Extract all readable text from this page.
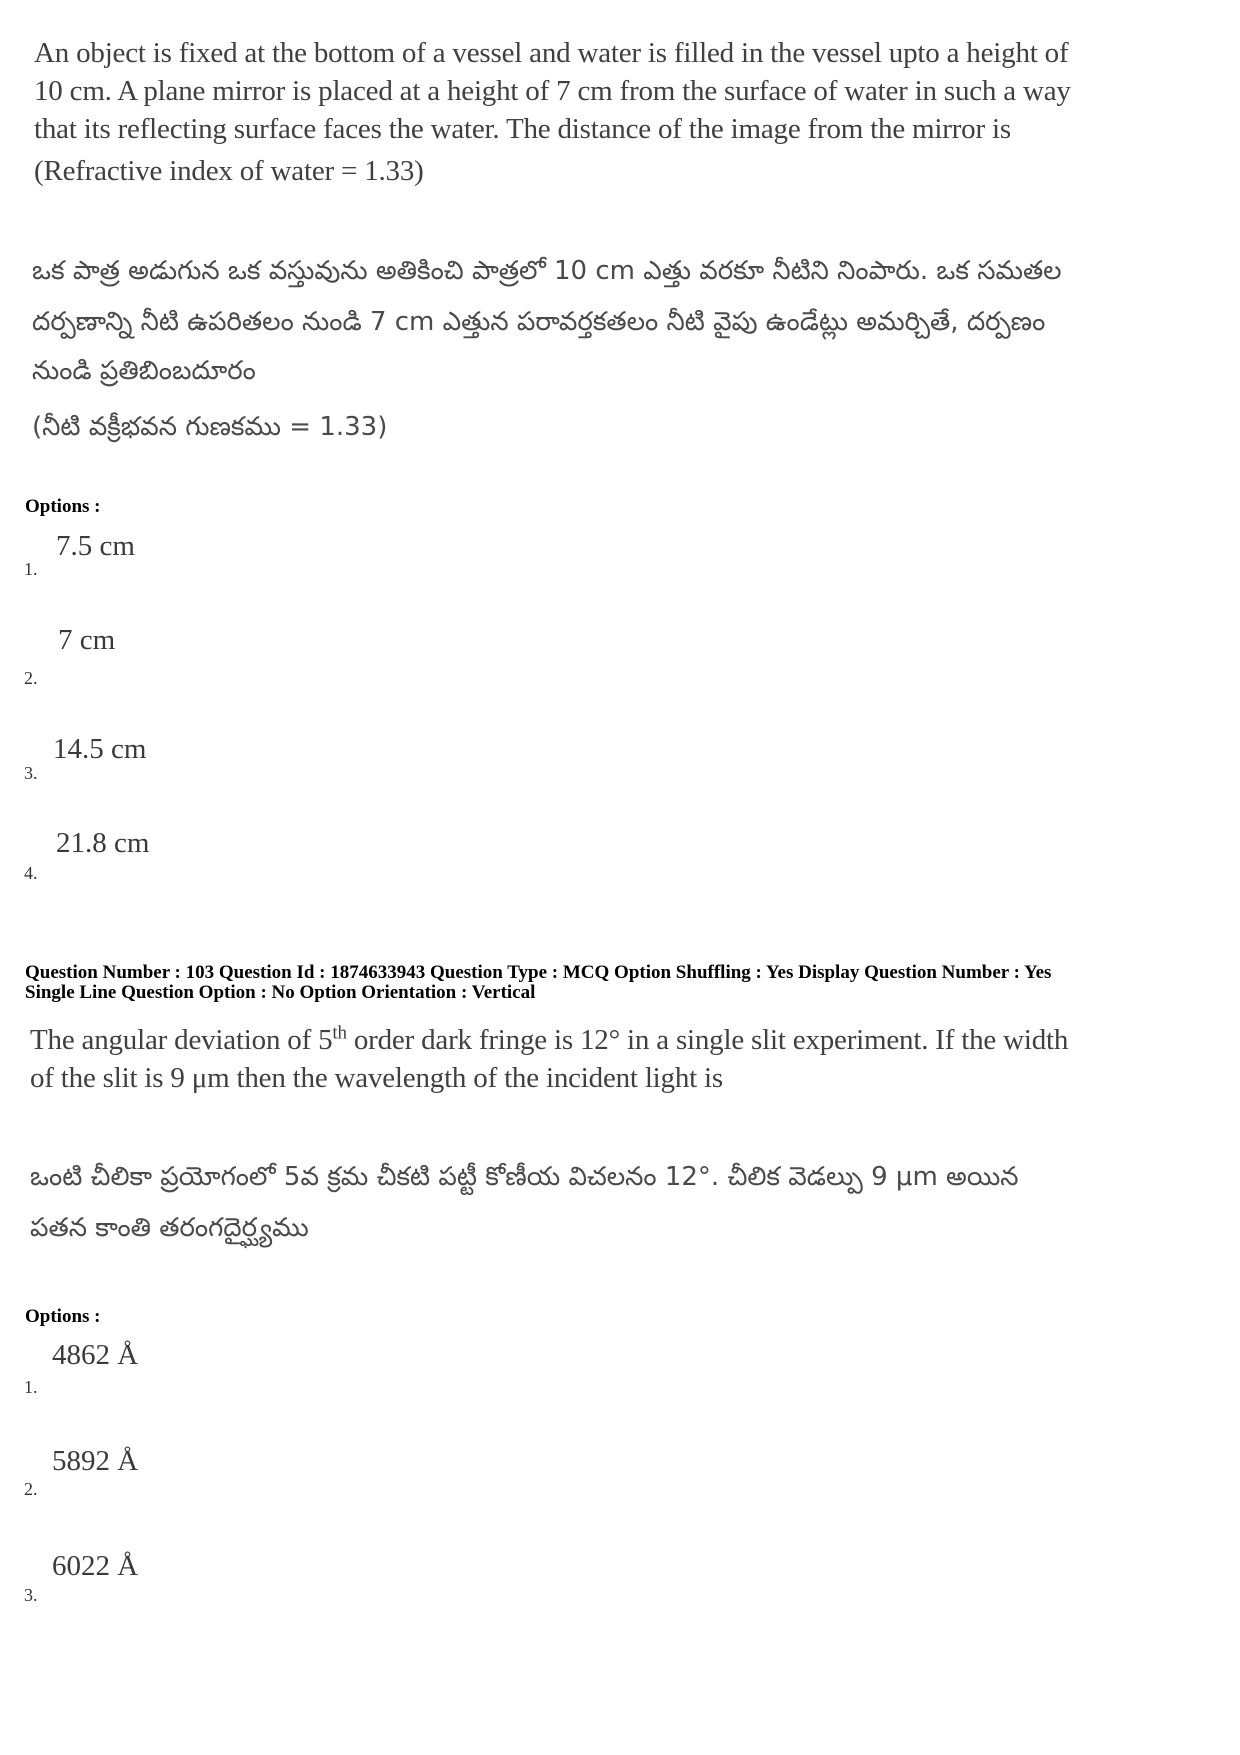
An object is fixed at the bottom of a vessel and water is filled in the vessel upto a height of
10 cm. A plane mirror is placed at a height of 7 cm from the surface of water in such a way
that its reflecting surface faces the water. The distance of the image from the mirror is
(Refractive index of water = 1.33)
ఒక పాత్ర అడుగున ఒక వస్తువును అతికించి పాత్రలో 10 cm ఎత్తు వరకూ నీటిని నింపారు. ఒక సమతల
దర్పణాన్ని నీటి ఉపరితలం నుండి 7 cm ఎత్తున పరావర్తకతలం నీటి వైపు ఉండేట్లు అమర్చితే, దర్పణం
నుండి ప్రతిబింబదూరం
(నీటి వక్రీభవన గుణకము = 1.33)
Options :
7.5 cm
1.
7 cm
2.
14.5 cm
3.
21.8 cm
4.
Question Number : 103 Question Id : 1874633943 Question Type : MCQ Option Shuffling : Yes Display Question Number : Yes
Single Line Question Option : No Option Orientation : Vertical
The angular deviation of 5th order dark fringe is 12° in a single slit experiment. If the width
of the slit is 9 μm then the wavelength of the incident light is
ఒంటి చీలికా ప్రయోగంలో 5వ క్రమ చీకటి పట్టీ కోణీయ విచలనం 12°. చీలిక వెడల్పు 9 μm అయిన
పతన కాంతి తరంగదైర్ఘ్యము
Options :
4862 Å
1.
5892 Å
2.
6022 Å
3.
